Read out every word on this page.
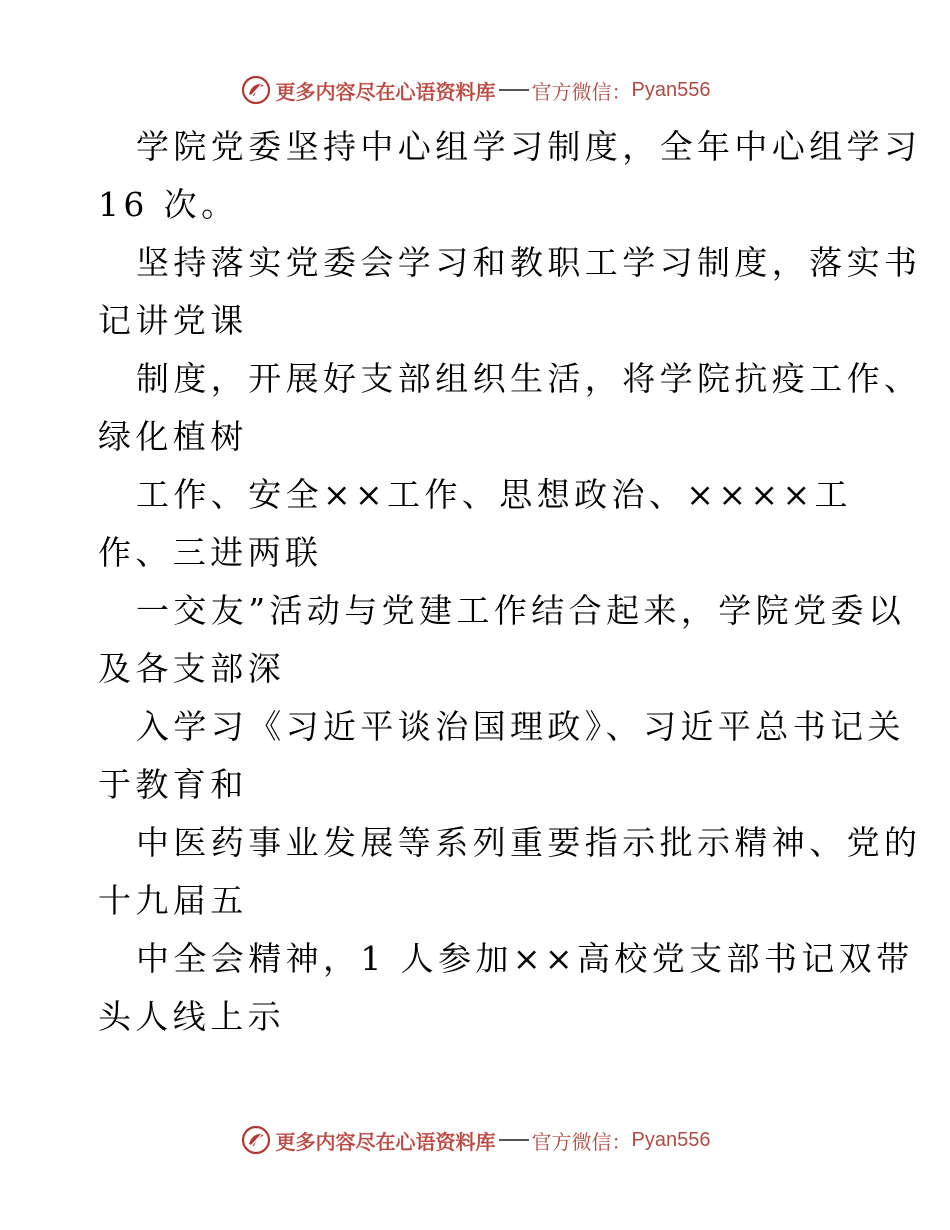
更多内容尽在心语资料库 官方微信： Pyan556
学院党委坚持中心组学习制度，全年中心组学习
16 次。
坚持落实党委会学习和教职工学习制度，落实书
记讲党课
制度，开展好支部组织生活，将学院抗疫工作、
绿化植树
工作、安全××工作、思想政治、××××工
作、三进两联
一交友”活动与党建工作结合起来，学院党委以
及各支部深
入学习《习近平谈治国理政》、习近平总书记关
于教育和
中医药事业发展等系列重要指示批示精神、党的
十九届五
中全会精神，1 人参加××高校党支部书记双带
头人线上示
更多内容尽在心语资料库 官方微信： Pyan556
